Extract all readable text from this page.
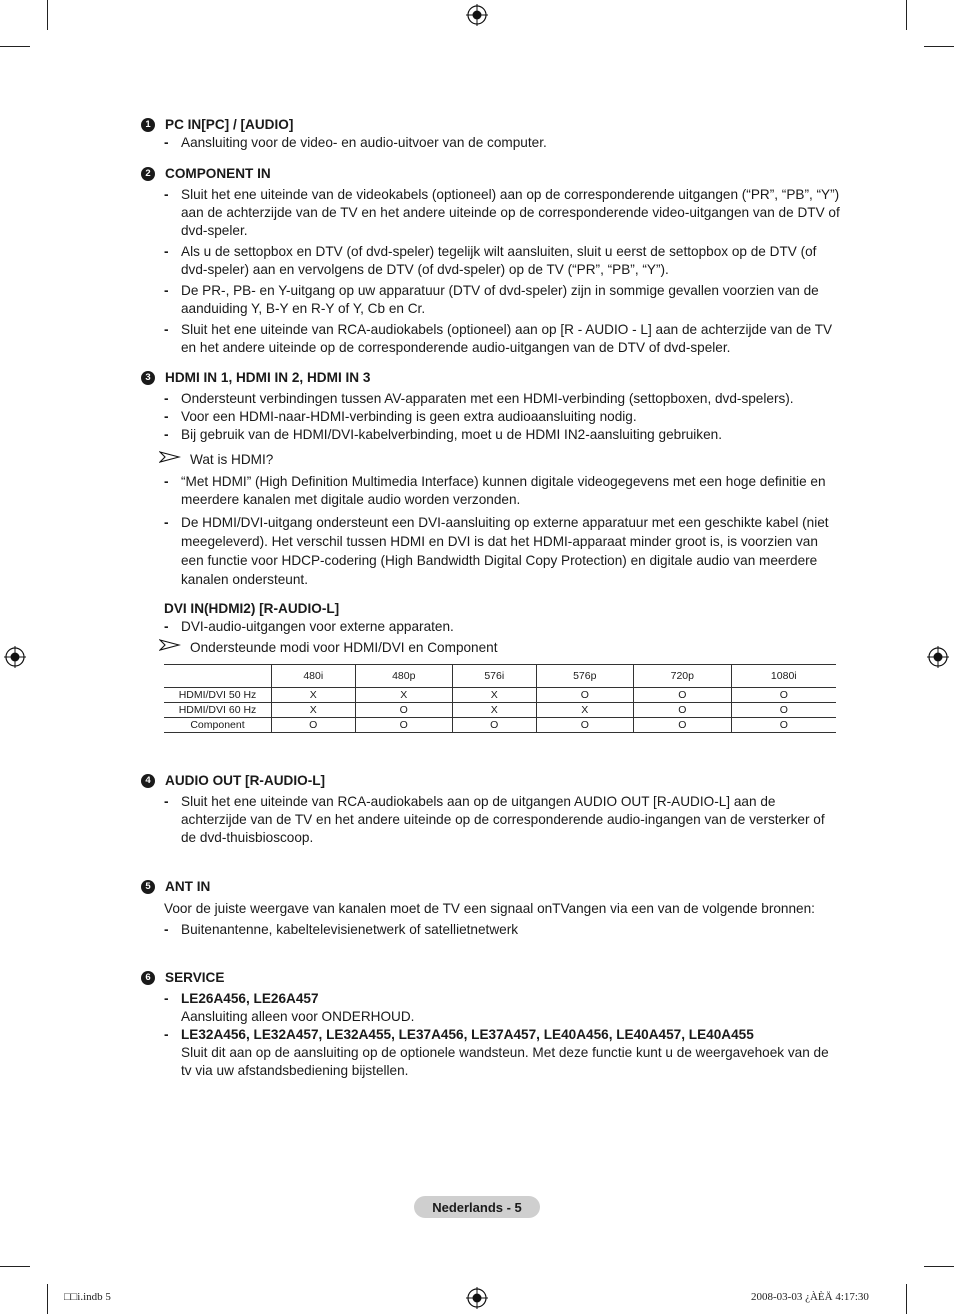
1	PC IN[PC] / [AUDIO]
- Aansluiting voor de video- en audio-uitvoer van de computer.
2	COMPONENT IN
- Sluit het ene uiteinde van de videokabels (optioneel) aan op de corresponderende uitgangen (“PR”, “PB”, “Y”) aan de achterzijde van de TV en het andere uiteinde op de corresponderende video-uitgangen van de DTV of dvd-speler.
- Als u de settopbox en DTV (of dvd-speler) tegelijk wilt aansluiten, sluit u eerst de settopbox op de DTV (of dvd-speler) aan en vervolgens de DTV (of dvd-speler) op de TV (“PR”, “PB”, “Y”).
- De PR-, PB- en Y-uitgang op uw apparatuur (DTV of dvd-speler) zijn in sommige gevallen voorzien van de aanduiding Y, B-Y en R-Y of Y, Cb en Cr.
- Sluit het ene uiteinde van RCA-audiokabels (optioneel) aan op [R - AUDIO - L] aan de achterzijde van de TV en het andere uiteinde op de corresponderende audio-uitgangen van de DTV of dvd-speler.
3	HDMI IN 1, HDMI IN 2, HDMI IN 3
- Ondersteunt verbindingen tussen AV-apparaten met een HDMI-verbinding (settopboxen, dvd-spelers).
- Voor een HDMI-naar-HDMI-verbinding is geen extra audioaansluiting nodig.
- Bij gebruik van de HDMI/DVI-kabelverbinding, moet u de HDMI IN2-aansluiting gebruiken.
Wat is HDMI?
- “Met HDMI” (High Definition Multimedia Interface) kunnen digitale videogegevens met een hoge definitie en meerdere kanalen met digitale audio worden verzonden.
- De HDMI/DVI-uitgang ondersteunt een DVI-aansluiting op externe apparatuur met een geschikte kabel (niet meegeleverd). Het verschil tussen HDMI en DVI is dat het HDMI-apparaat minder groot is, is voorzien van een functie voor HDCP-codering (High Bandwidth Digital Copy Protection) en digitale audio van meerdere kanalen ondersteunt.
DVI IN(HDMI2) [R-AUDIO-L]
- DVI-audio-uitgangen voor externe apparaten.
Ondersteunde modi voor HDMI/DVI en Component
	480i	480p	576i	576p	720p	1080i
HDMI/DVI 50 Hz	X	X	X	O	O	O
HDMI/DVI 60 Hz	X	O	X	X	O	O
Component	O	O	O	O	O	O
4	AUDIO OUT [R-AUDIO-L]
- Sluit het ene uiteinde van RCA-audiokabels aan op de uitgangen AUDIO OUT [R-AUDIO-L] aan de achterzijde van de TV en het andere uiteinde op de corresponderende audio-ingangen van de versterker of de dvd-thuisbioscoop.
5	ANT IN
Voor de juiste weergave van kanalen moet de TV een signaal onTVangen via een van de volgende bronnen:
- Buitenantenne, kabeltelevisienetwerk of satellietnetwerk
6	SERVICE
- LE26A456, LE26A457
Aansluiting alleen voor ONDERHOUD.
- LE32A456, LE32A457, LE32A455, LE37A456, LE37A457, LE40A456, LE40A457, LE40A455
Sluit dit aan op de aansluiting op de optionele wandsteun. Met deze functie kunt u de weergavehoek van de tv via uw afstandsbediening bijstellen.
Nederlands - 5
□□i.indb 5	2008-03-03 ¿ÀÈÄ 4:17:30
